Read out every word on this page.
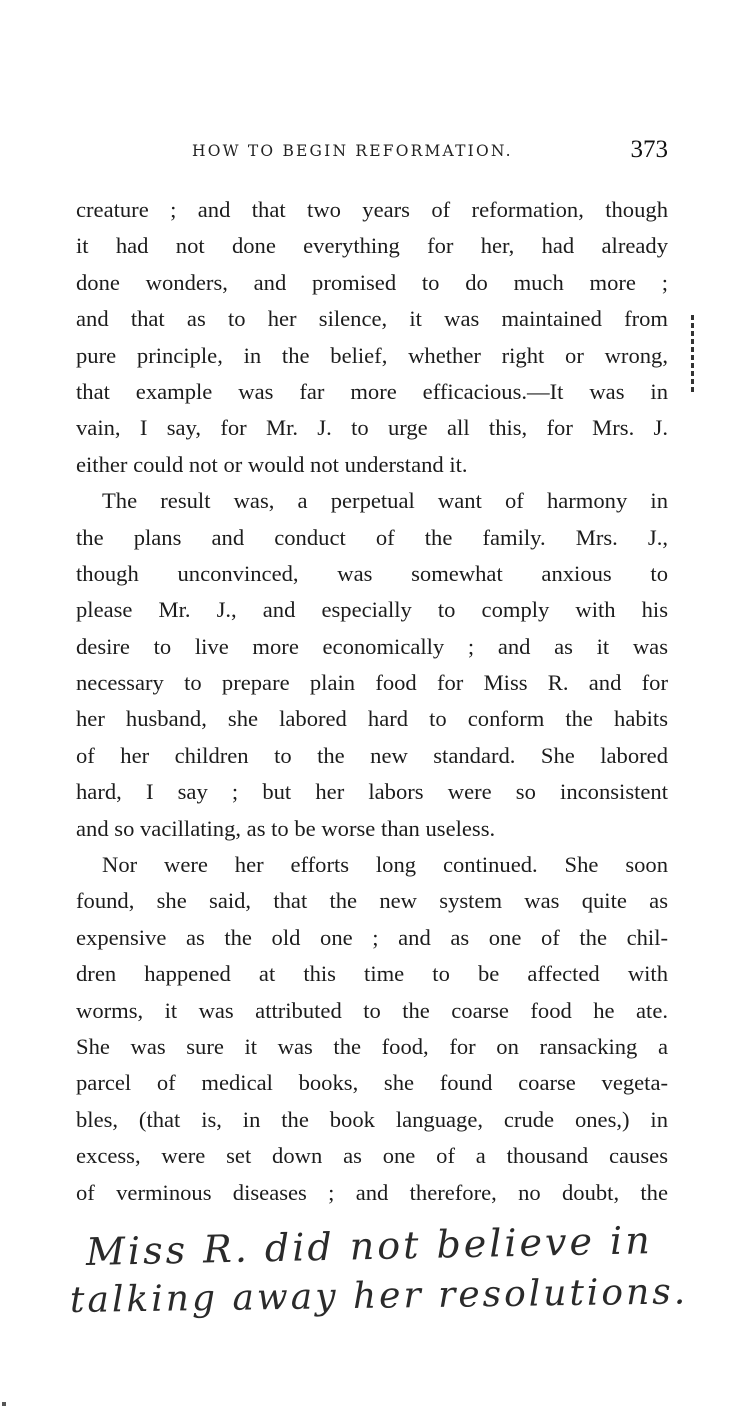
HOW TO BEGIN REFORMATION.	373
creature ; and that two years of reformation, though
it had not done everything for her, had already
done wonders, and promised to do much more ;
and that as to her silence, it was maintained from
pure principle, in the belief, whether right or wrong,
that example was far more efficacious.—It was in
vain, I say, for Mr. J. to urge all this, for Mrs. J.
either could not or would not understand it.
The result was, a perpetual want of harmony in
the plans and conduct of the family. Mrs. J.,
though unconvinced, was somewhat anxious to
please Mr. J., and especially to comply with his
desire to live more economically ; and as it was
necessary to prepare plain food for Miss R. and for
her husband, she labored hard to conform the habits
of her children to the new standard. She labored
hard, I say ; but her labors were so inconsistent
and so vacillating, as to be worse than useless.
Nor were her efforts long continued. She soon
found, she said, that the new system was quite as
expensive as the old one ; and as one of the chil-
dren happened at this time to be affected with
worms, it was attributed to the coarse food he ate.
She was sure it was the food, for on ransacking a
parcel of medical books, she found coarse vegeta-
bles, (that is, in the book language, crude ones,) in
excess, were set down as one of a thousand causes
of verminous diseases ; and therefore, no doubt, the
Miss R. did not believe in
talking away her resolutions.
